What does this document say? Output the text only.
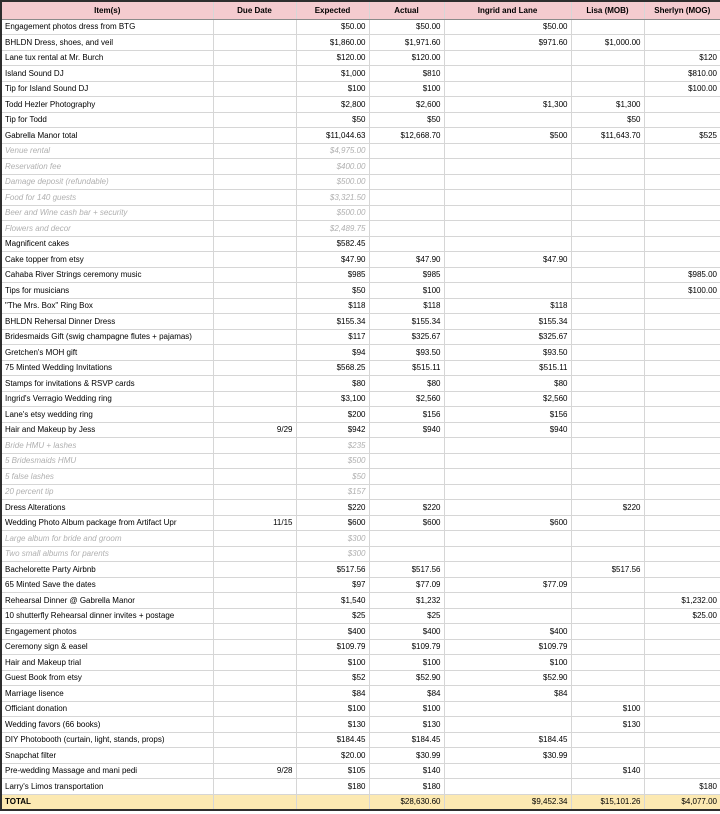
Item(s)	Due Date	Expected	Actual	Ingrid and Lane	Lisa (MOB)	Sherlyn (MOG)
Engagement photos dress from BTG		$50.00	$50.00	$50.00		
BHLDN Dress, shoes, and veil		$1,860.00	$1,971.60	$971.60	$1,000.00	
Lane tux rental at Mr. Burch		$120.00	$120.00			$120
Island Sound DJ		$1,000	$810			$810.00
Tip for Island Sound DJ		$100	$100			$100.00
Todd Hezler Photography		$2,800	$2,600	$1,300	$1,300	
Tip for Todd		$50	$50		$50	
Gabrella Manor total		$11,044.63	$12,668.70	$500	$11,643.70	$525
Venue rental		$4,975.00				
Reservation fee		$400.00				
Damage deposit (refundable)		$500.00				
Food for 140 guests		$3,321.50				
Beer and Wine cash bar + security		$500.00				
Flowers and decor		$2,489.75				
Magnificent cakes		$582.45				
Cake topper from etsy		$47.90	$47.90	$47.90		
Cahaba River Strings ceremony music		$985	$985			$985.00
Tips for musicians		$50	$100			$100.00
"The Mrs. Box" Ring Box		$118	$118	$118		
BHLDN Rehersal Dinner Dress		$155.34	$155.34	$155.34		
Bridesmaids Gift (swig champagne flutes + pajamas)		$117	$325.67	$325.67		
Gretchen's MOH gift		$94	$93.50	$93.50		
75 Minted Wedding Invitations		$568.25	$515.11	$515.11		
Stamps for invitations & RSVP cards		$80	$80	$80		
Ingrid's Verragio Wedding ring		$3,100	$2,560	$2,560		
Lane's etsy wedding ring		$200	$156	$156		
Hair and Makeup by Jess	9/29	$942	$940	$940		
Bride HMU + lashes		$235				
5 Bridesmaids HMU		$500				
5 false lashes		$50				
20 percent tip		$157				
Dress Alterations		$220	$220		$220	
Wedding Photo Album package from Artifact Upr	11/15	$600	$600	$600		
Large album for bride and groom		$300				
Two small albums for parents		$300				
Bachelorette Party Airbnb		$517.56	$517.56		$517.56	
65 Minted Save the dates		$97	$77.09	$77.09		
Rehearsal Dinner @ Gabrella Manor		$1,540	$1,232			$1,232.00
10 shutterfly Rehearsal dinner invites + postage		$25	$25			$25.00
Engagement photos		$400	$400	$400		
Ceremony sign & easel		$109.79	$109.79	$109.79		
Hair and Makeup trial		$100	$100	$100		
Guest Book from etsy		$52	$52.90	$52.90		
Marriage lisence		$84	$84	$84		
Officiant donation		$100	$100		$100	
Wedding favors (66 books)		$130	$130		$130	
DIY Photobooth (curtain, light, stands, props)		$184.45	$184.45	$184.45		
Snapchat filter		$20.00	$30.99	$30.99		
Pre-wedding Massage and mani pedi	9/28	$105	$140		$140	
Larry's Limos transportation		$180	$180			$180
TOTAL			$28,630.60	$9,452.34	$15,101.26	$4,077.00
